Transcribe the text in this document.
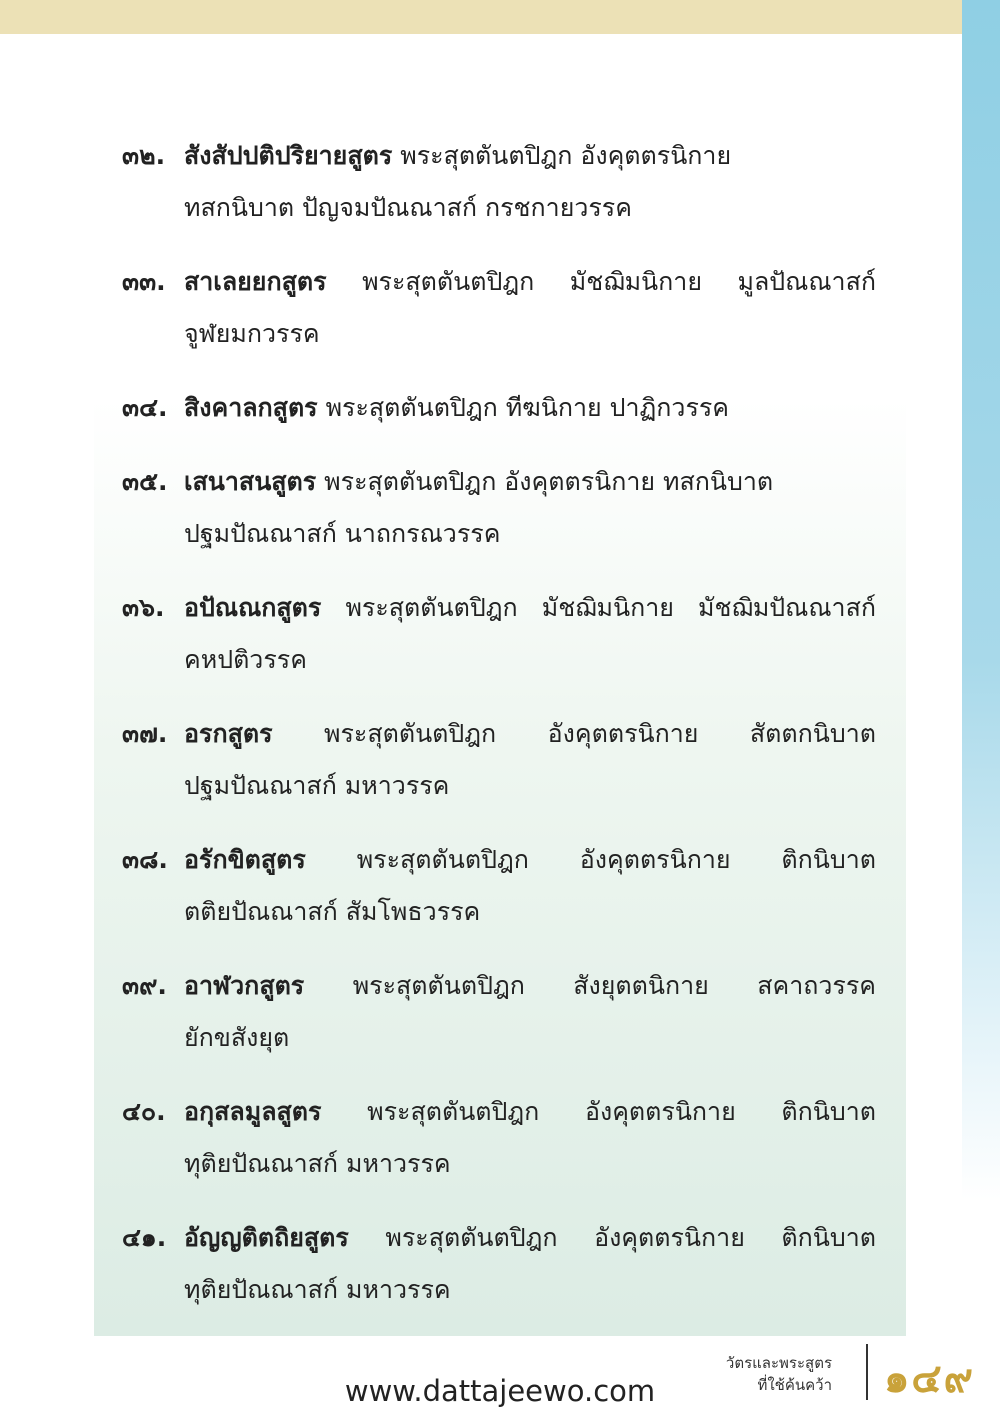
๓๒. สังสัปปติปริยายสูตร พระสุตตันตปิฎก อังคุตตรนิกาย
ทสกนิบาต ปัญจมปัณณาสก์ กรชกายวรรค
๓๓. สาเลยยกสูตร พระสุตตันตปิฎก มัชฌิมนิกาย มูลปัณณาสก์
จูฬยมกวรรค
๓๔. สิงคาลกสูตร พระสุตตันตปิฎก ทีฆนิกาย ปาฏิกวรรค
๓๕. เสนาสนสูตร พระสุตตันตปิฎก อังคุตตรนิกาย ทสกนิบาต
ปฐมปัณณาสก์ นาถกรณวรรค
๓๖. อปัณณกสูตร พระสุตตันตปิฎก มัชฌิมนิกาย มัชฌิมปัณณาสก์
คหปติวรรค
๓๗. อรกสูตร พระสุตตันตปิฎก อังคุตตรนิกาย สัตตกนิบาต
ปฐมปัณณาสก์ มหาวรรค
๓๘. อรักขิตสูตร พระสุตตันตปิฎก อังคุตตรนิกาย ติกนิบาต
ตติยปัณณาสก์ สัมโพธวรรค
๓๙. อาฬวกสูตร พระสุตตันตปิฎก สังยุตตนิกาย สคาถวรรค
ยักขสังยุต
๔๐. อกุสลมูลสูตร พระสุตตันตปิฎก อังคุตตรนิกาย ติกนิบาต
ทุติยปัณณาสก์ มหาวรรค
๔๑. อัญญติตถิยสูตร พระสุตตันตปิฎก อังคุตตรนิกาย ติกนิบาต
ทุติยปัณณาสก์ มหาวรรค
วัตรและพระสูตร
ที่ใช้ค้นคว้า ๑๔๙
www.dattajeewo.com
